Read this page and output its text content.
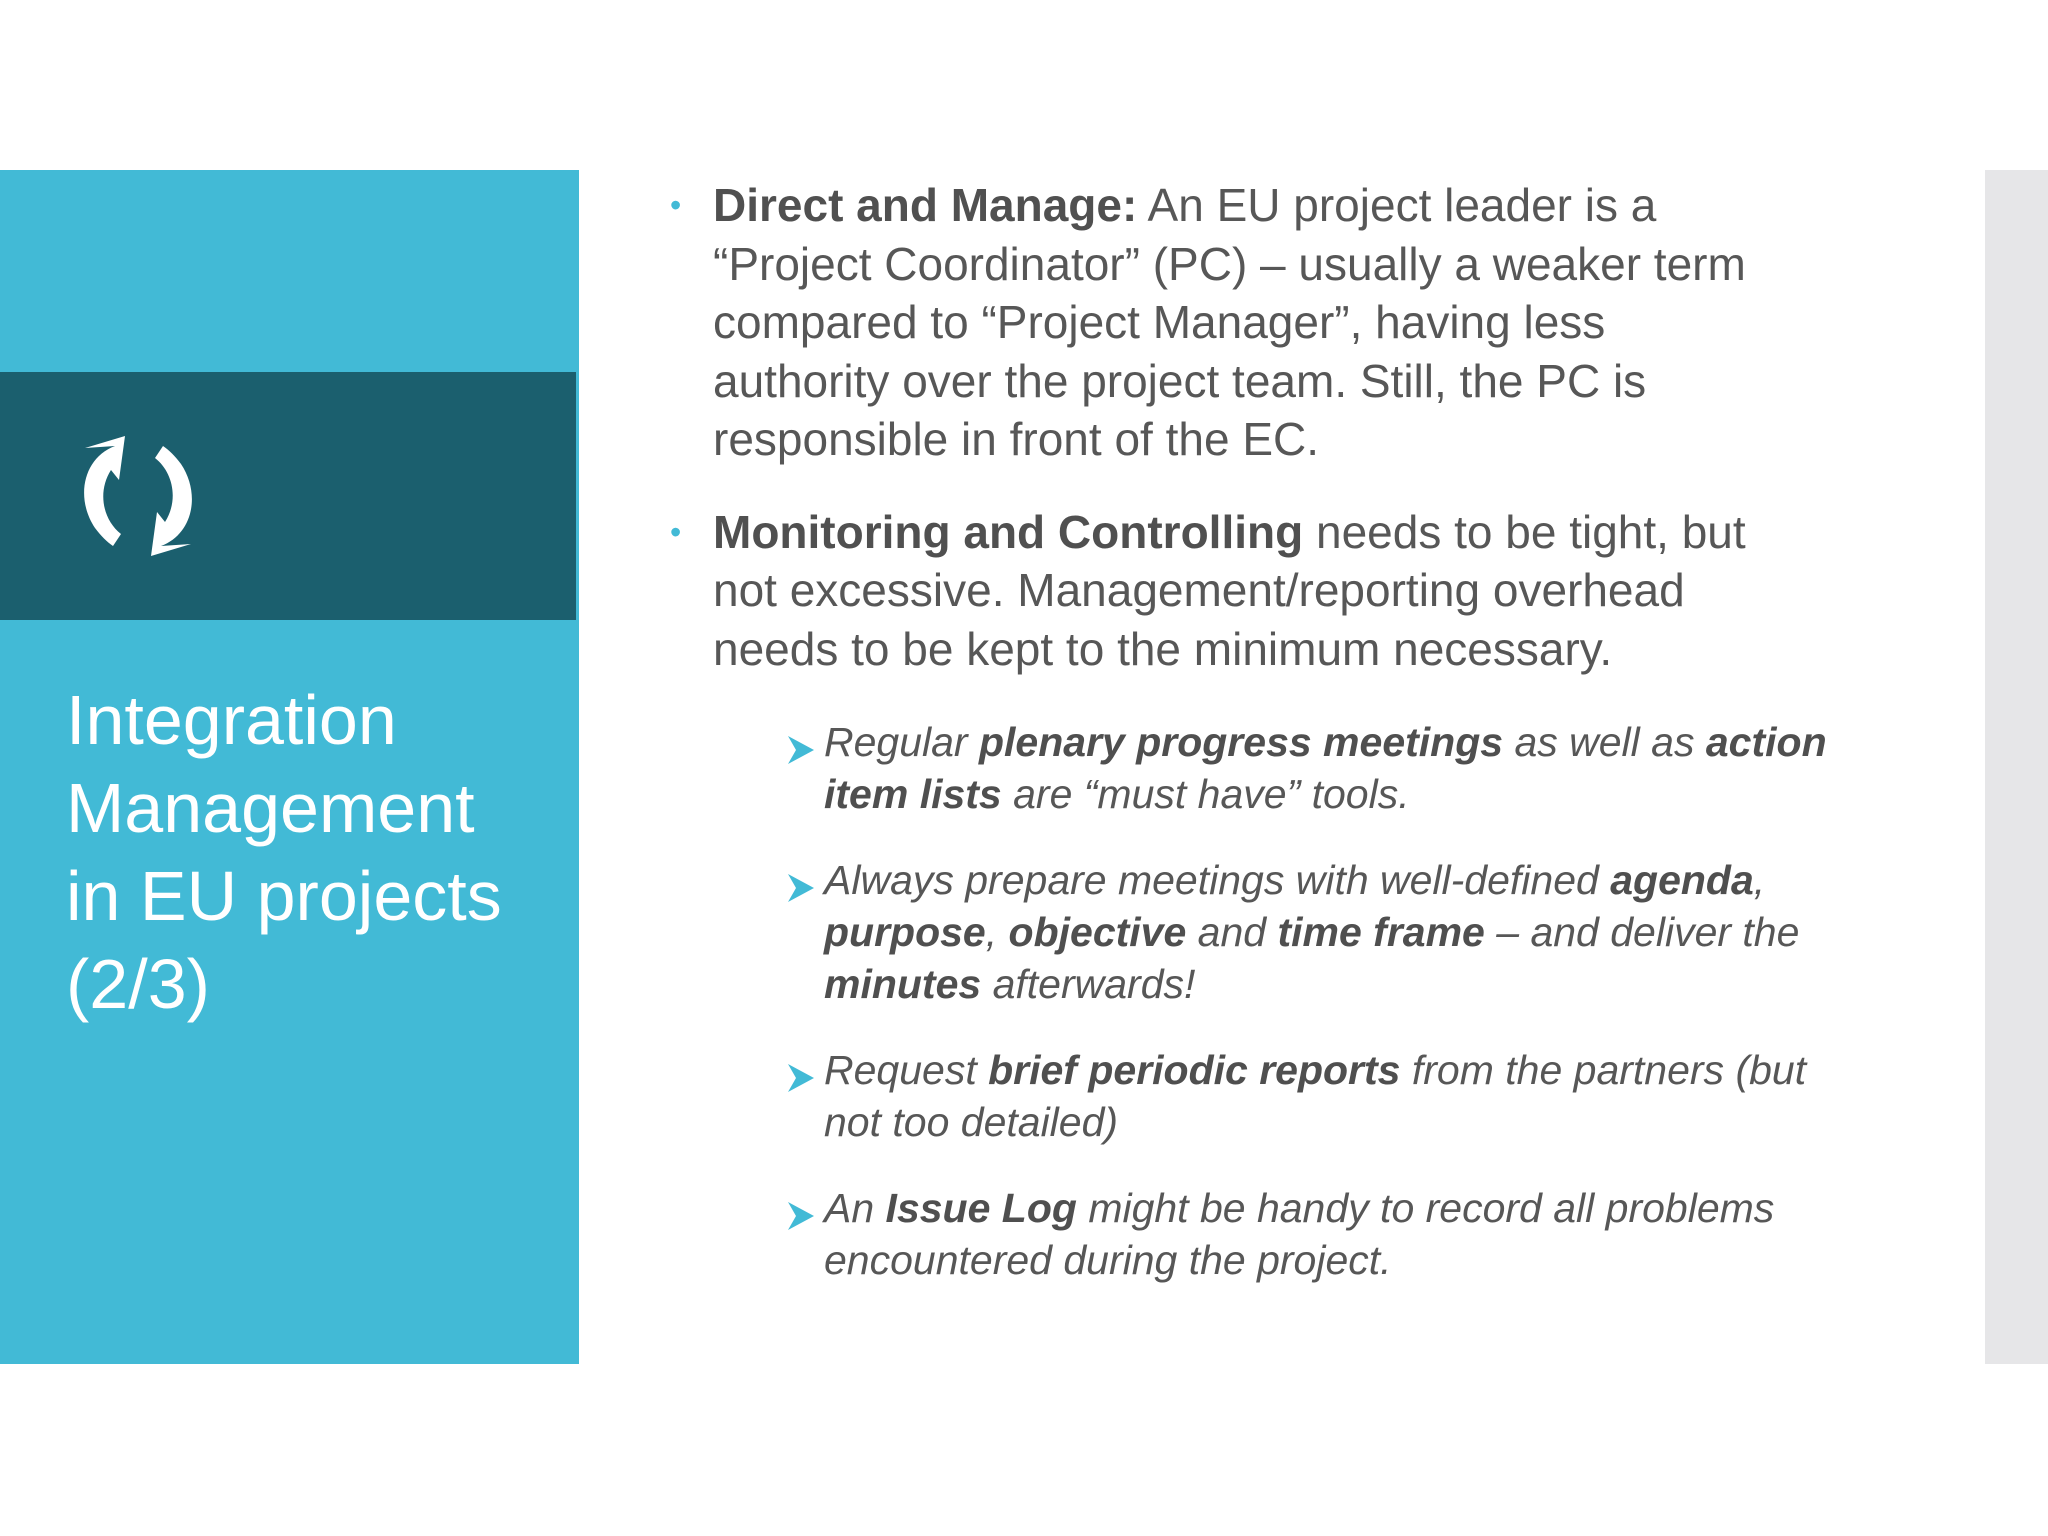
Integration
Management
in EU projects
(2/3)
• Direct and Manage: An EU project leader is a
“Project Coordinator” (PC) – usually a weaker term
compared to “Project Manager”, having less
authority over the project team. Still, the PC is
responsible in front of the EC.
• Monitoring and Controlling needs to be tight, but
not excessive. Management/reporting overhead
needs to be kept to the minimum necessary.
Regular plenary progress meetings as well as action
item lists are “must have” tools.
Always prepare meetings with well-defined agenda,
purpose, objective and time frame – and deliver the
minutes afterwards!
Request brief periodic reports from the partners (but
not too detailed)
An Issue Log might be handy to record all problems
encountered during the project.
